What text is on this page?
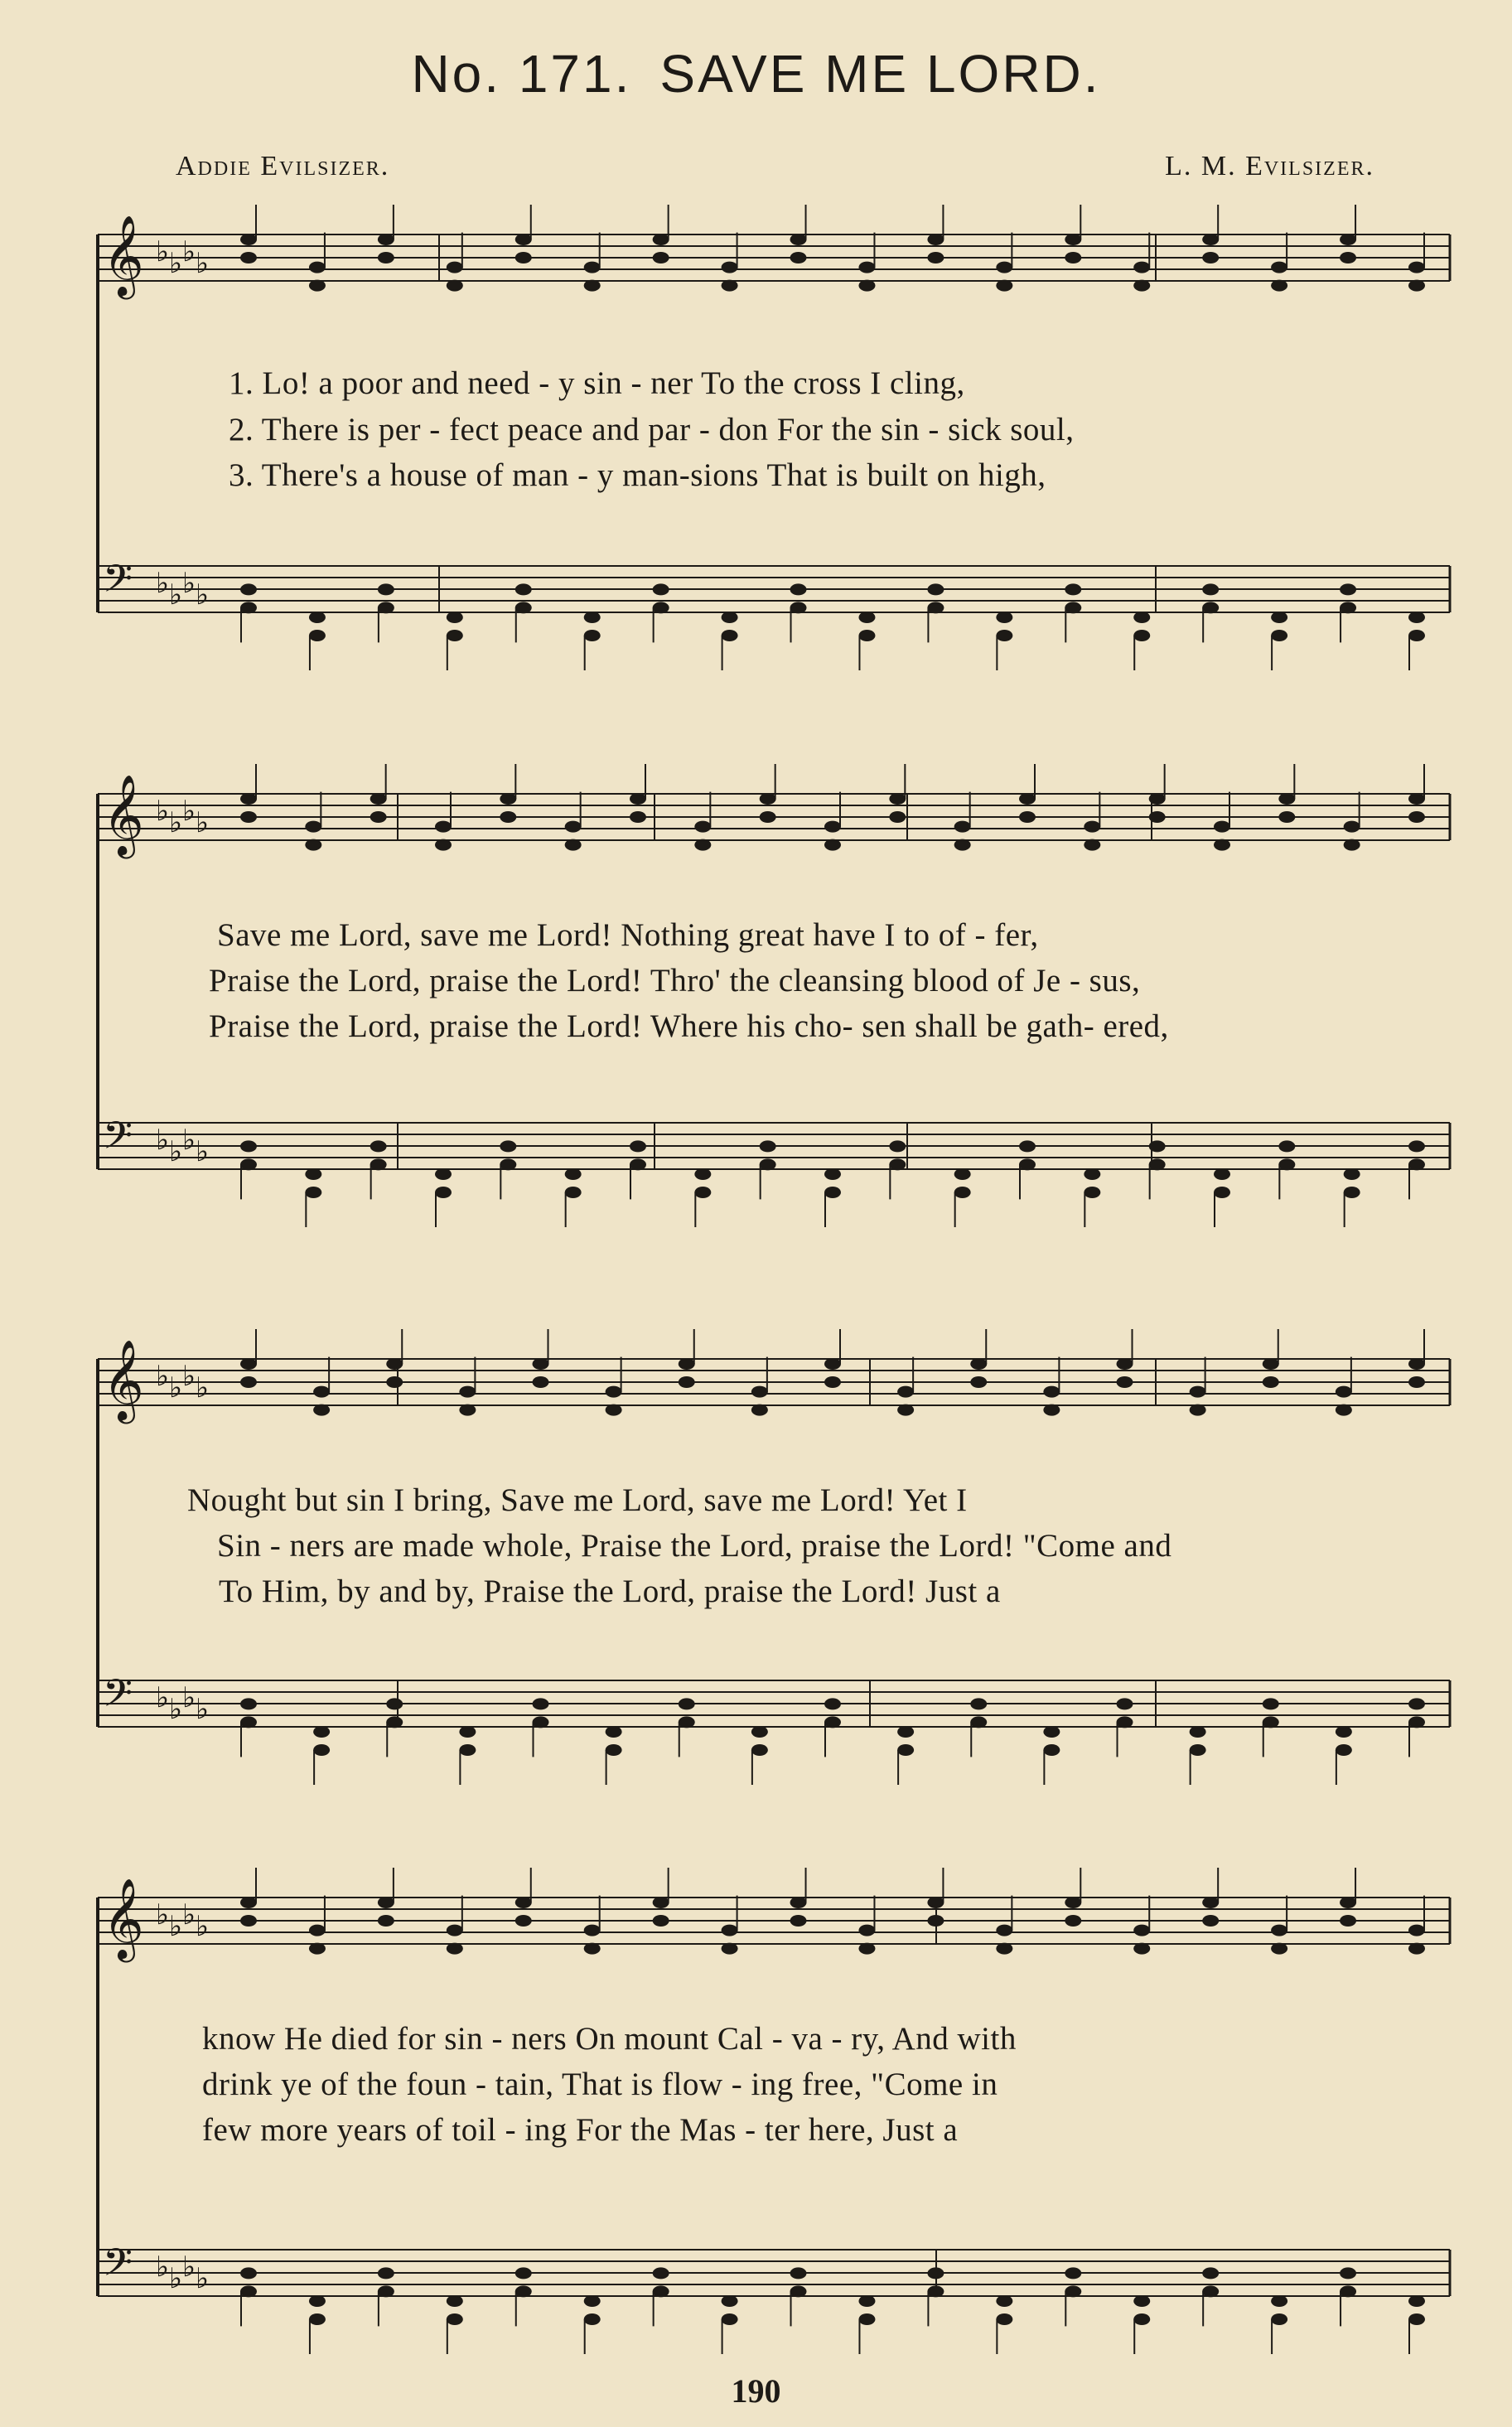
No. 171. SAVE ME LORD.
Addie Evilsizer.	L. M. Evilsizer.
𝄞 ♭ ♭ ♭ ♭
𝄢 ♭ ♭ ♭ ♭
𝄞 ♭ ♭ ♭ ♭
𝄢 ♭ ♭ ♭ ♭
𝄞 ♭ ♭ ♭ ♭
𝄢 ♭ ♭ ♭ ♭
𝄞 ♭ ♭ ♭ ♭
𝄢 ♭ ♭ ♭ ♭
1. Lo! a poor and need - y sin - ner To the cross I cling,
2. There is per - fect peace and par - don For the sin - sick soul,
3. There's a house of man - y man-sions That is built on high,
Save me Lord, save me Lord! Nothing great have I to of - fer,
Praise the Lord, praise the Lord! Thro' the cleansing blood of Je - sus,
Praise the Lord, praise the Lord! Where his cho- sen shall be gath- ered,
Nought but sin I bring, Save me Lord, save me Lord! Yet I
Sin - ners are made whole, Praise the Lord, praise the Lord! "Come and
To Him, by and by, Praise the Lord, praise the Lord! Just a
know He died for sin - ners On mount Cal - va - ry, And with
drink ye of the foun - tain, That is flow - ing free, "Come in
few more years of toil - ing For the Mas - ter here, Just a
190
